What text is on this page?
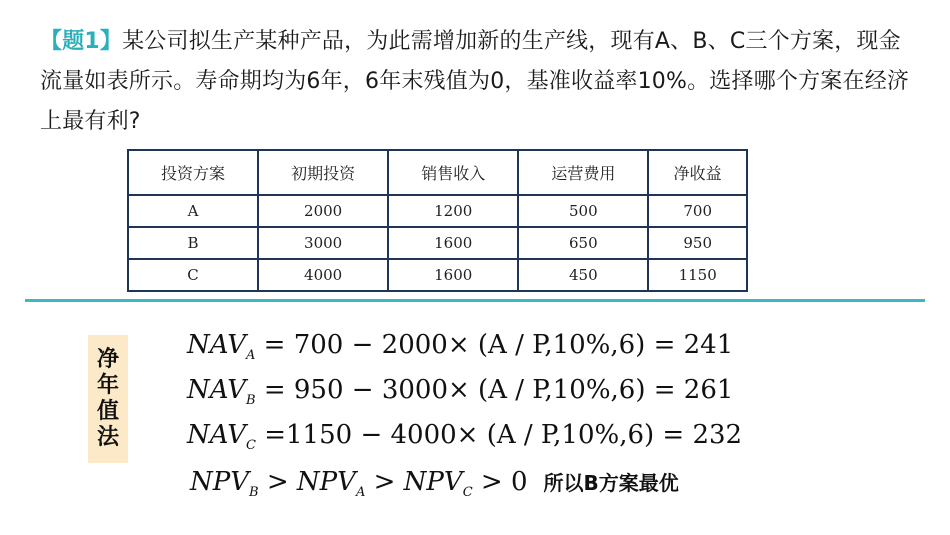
【题1】某公司拟生产某种产品，为此需增加新的生产线，现有A、B、C三个方案，现金流量如表所示。寿命期均为6年，6年末残值为0，基准收益率10%。选择哪个方案在经济上最有利?
投资方案	初期投资	销售收入	运营费用	净收益
A	2000	1200	500	700
B	3000	1600	650	950
C	4000	1600	450	1150
净
年
值
法
$NAV_A = 700 - 2000\times (A / P,10\%,6) = 241$
$NAV_B = 950 - 3000\times (A / P,10\%,6) = 261$
$NAV_C =1150 - 4000\times (A / P,10\%,6) = 232$
$NPV_B > NPV_A > NPV_C > 0$ 所以B方案最优
